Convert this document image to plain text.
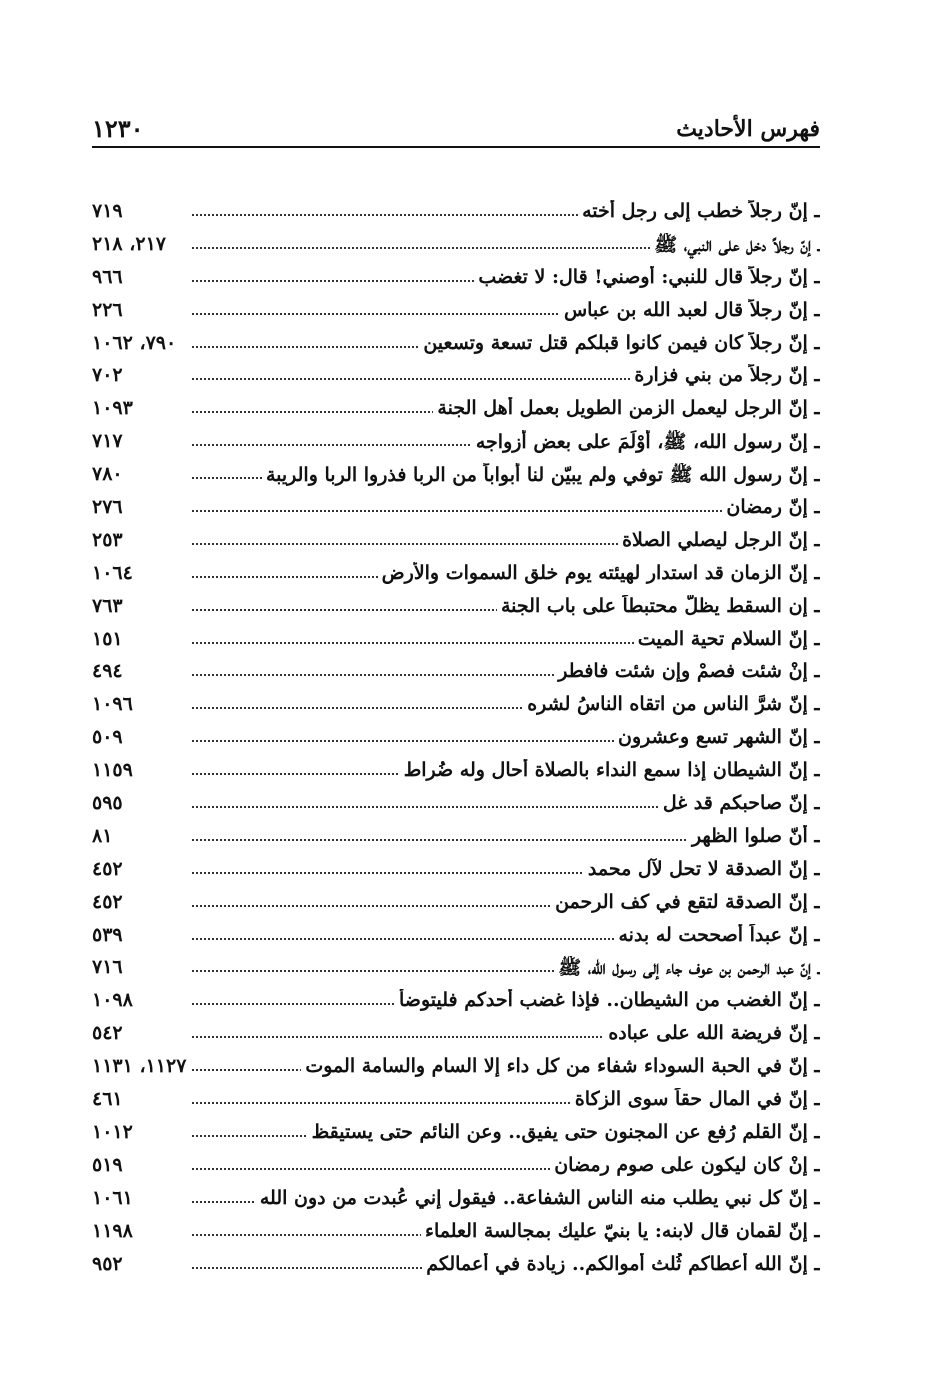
فهرس الأحاديث
١٢٣٠
ـ إنّ رجلاً خطب إلى رجل أخته
٧١٩
ـ إنّ رجلاً دخل على النبي، ﷺ
٢١٧، ٢١٨
ـ إنّ رجلاً قال للنبي: أوصني! قال: لا تغضب
٩٦٦
ـ إنّ رجلاً قال لعبد الله بن عباس
٢٢٦
ـ إنّ رجلاً كان فيمن كانوا قبلكم قتل تسعة وتسعين
٧٩٠، ١٠٦٢
ـ إنّ رجلاً من بني فزارة
٧٠٢
ـ إنّ الرجل ليعمل الزمن الطويل بعمل أهل الجنة
١٠٩٣
ـ إنّ رسول الله، ﷺ، أَوْلَمَ على بعض أزواجه
٧١٧
ـ إنّ رسول الله ﷺ توفي ولم يبيّن لنا أبواباً من الربا فذروا الربا والريبة
٧٨٠
ـ إنّ رمضان
٢٧٦
ـ إنّ الرجل ليصلي الصلاة
٢٥٣
ـ إنّ الزمان قد استدار لهيئته يوم خلق السموات والأرض
١٠٦٤
ـ إن السقط يظلّ محتبطاً على باب الجنة
٧٦٣
ـ إنّ السلام تحية الميت
١٥١
ـ إنْ شئت فصمْ وإن شئت فافطر
٤٩٤
ـ إنّ شرَّ الناس من اتقاه الناسُ لشره
١٠٩٦
ـ إنّ الشهر تسع وعشرون
٥٠٩
ـ إنّ الشيطان إذا سمع النداء بالصلاة أحال وله ضُراط
١١٥٩
ـ إنّ صاحبكم قد غل
٥٩٥
ـ أنّ صلوا الظهر
٨١
ـ إنّ الصدقة لا تحل لآل محمد
٤٥٢
ـ إنّ الصدقة لتقع في كف الرحمن
٤٥٢
ـ إنّ عبداً أصححت له بدنه
٥٣٩
ـ إنّ عبد الرحمن بن عوف جاء إلى رسول الله، ﷺ
٧١٦
ـ إنّ الغضب من الشيطان.. فإذا غضب أحدكم فليتوضأ
١٠٩٨
ـ إنّ فريضة الله على عباده
٥٤٢
ـ إنّ في الحبة السوداء شفاء من كل داء إلا السام والسامة الموت
١١٢٧، ١١٣١
ـ إنّ في المال حقاً سوى الزكاة
٤٦١
ـ إنّ القلم رُفع عن المجنون حتى يفيق.. وعن النائم حتى يستيقظ
١٠١٢
ـ إنْ كان ليكون على صوم رمضان
٥١٩
ـ إنّ كل نبي يطلب منه الناس الشفاعة.. فيقول إني عُبدت من دون الله
١٠٦١
ـ إنّ لقمان قال لابنه: يا بنيّ عليك بمجالسة العلماء
١١٩٨
ـ إنّ الله أعطاكم ثُلث أموالكم.. زيادة في أعمالكم
٩٥٢
